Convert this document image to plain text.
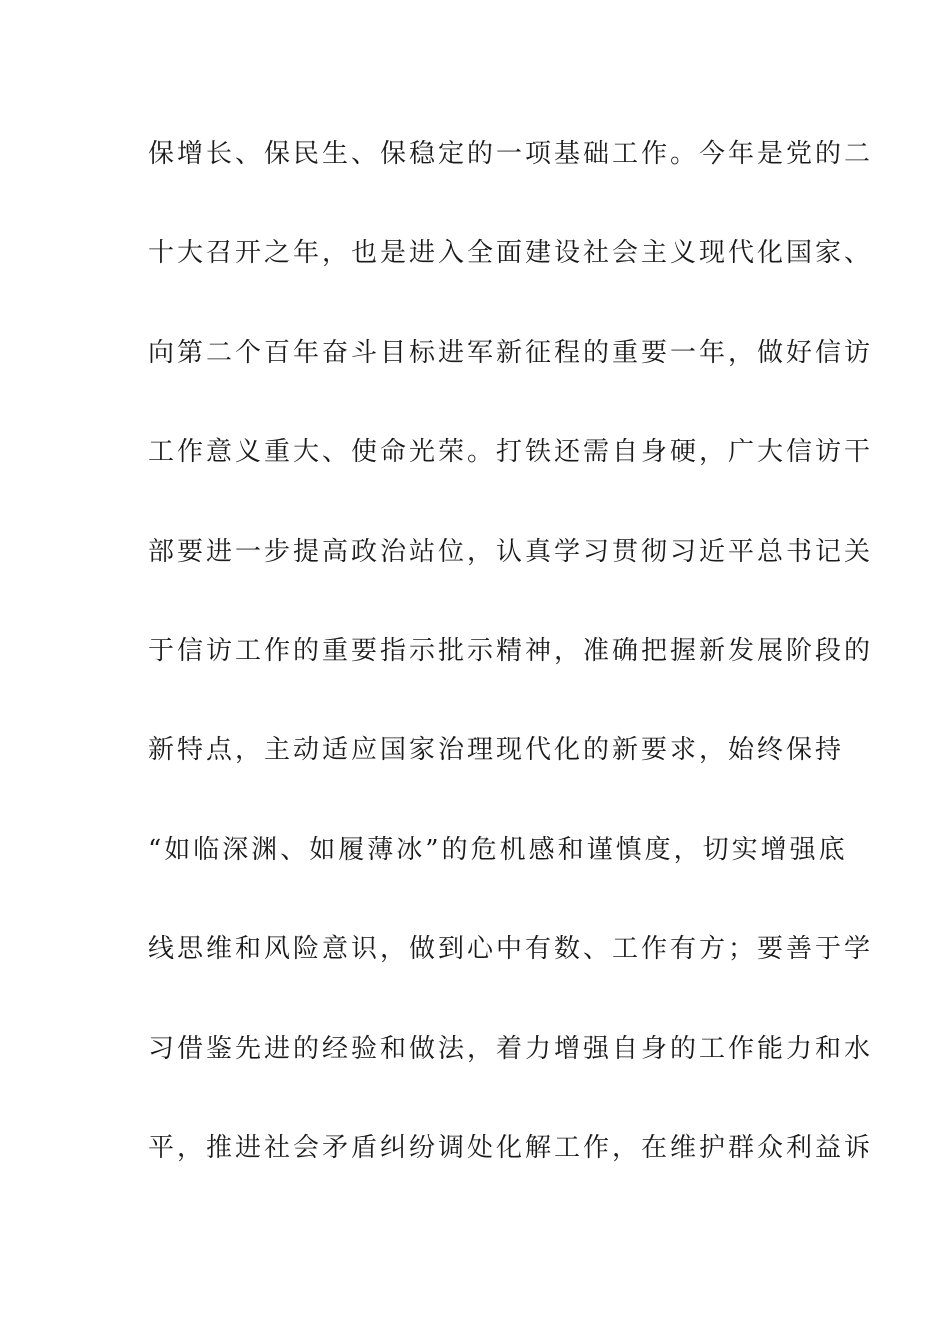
保增长、保民生、保稳定的一项基础工作。今年是党的二
十大召开之年，也是进入全面建设社会主义现代化国家、
向第二个百年奋斗目标进军新征程的重要一年，做好信访
工作意义重大、使命光荣。打铁还需自身硬，广大信访干
部要进一步提高政治站位，认真学习贯彻习近平总书记关
于信访工作的重要指示批示精神，准确把握新发展阶段的
新特点，主动适应国家治理现代化的新要求，始终保持
“如临深渊、如履薄冰”的危机感和谨慎度，切实增强底
线思维和风险意识，做到心中有数、工作有方；要善于学
习借鉴先进的经验和做法，着力增强自身的工作能力和水
平，推进社会矛盾纠纷调处化解工作，在维护群众利益诉
